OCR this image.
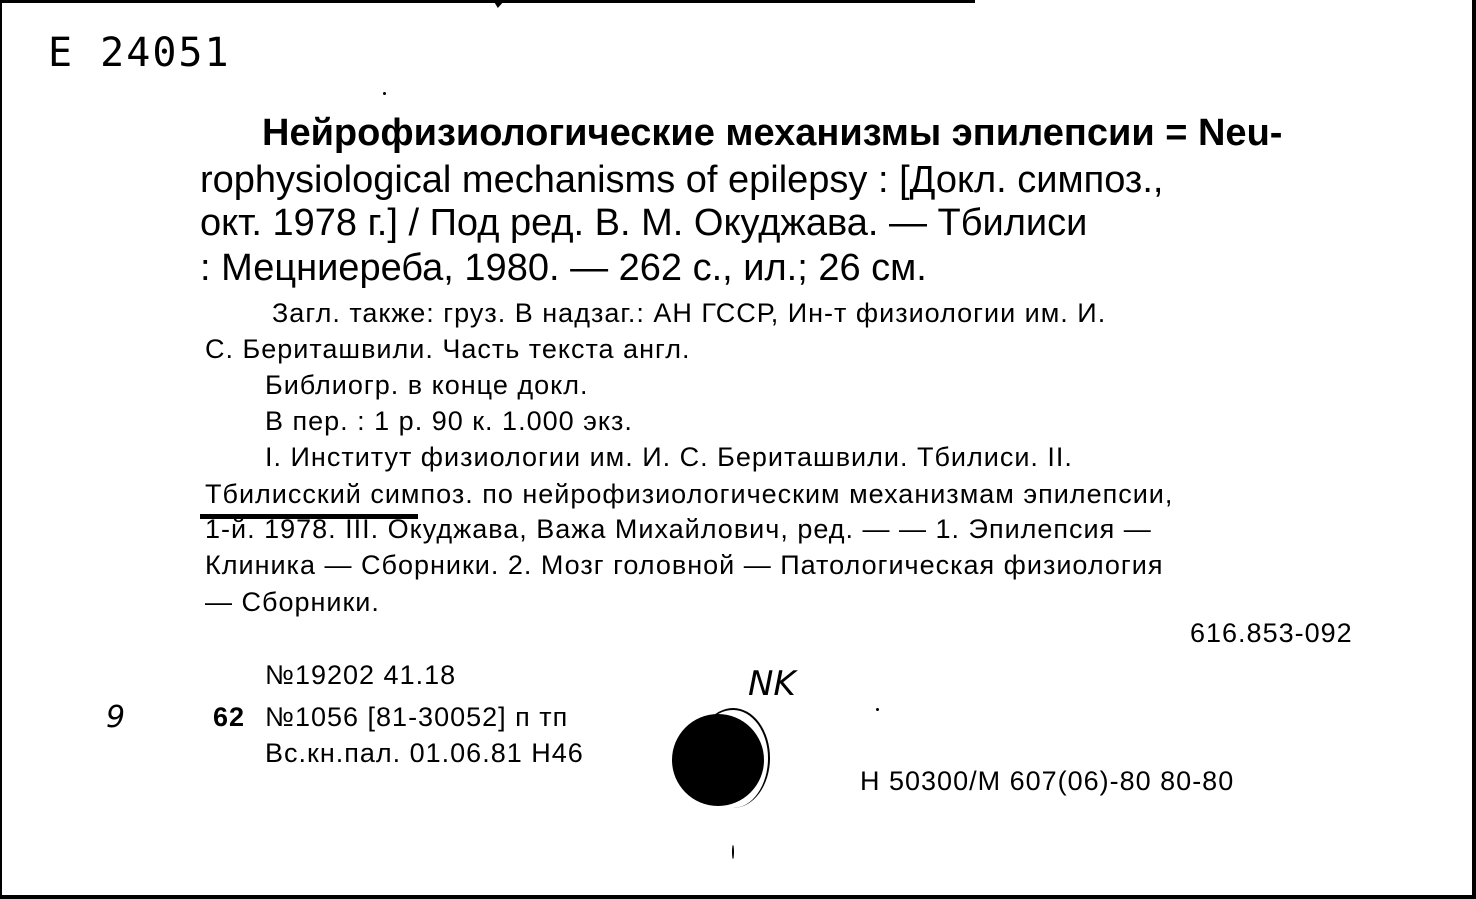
Е 24051
Нейрофизиологические механизмы эпилепсии = Neu-
rophysiological mechanisms of epilepsy : [Докл. симпоз.,
окт. 1978 г.] / Под ред. В. М. Окуджава. — Тбилиси
: Мецниереба, 1980. — 262 с., ил.; 26 см.
Загл. также: груз. В надзаг.: АН ГССР, Ин-т физиологии им. И.
С. Бериташвили. Часть текста англ.
Библиогр. в конце докл.
В пер. : 1 р. 90 к. 1.000 экз.
I. Институт физиологии им. И. С. Бериташвили. Тбилиси. II.
Тбилисский симпоз. по нейрофизиологическим механизмам эпилепсии,
1-й. 1978. III. Окуджава, Важа Михайлович, ред. — — 1. Эпилепсия —
Клиника — Сборники. 2. Мозг головной — Патологическая физиология
— Сборники.
616.853-092
№19202 41.18
62 №1056 [81-30052] п тп
Вс.кн.пал. 01.06.81 Н46
Н 50300/М 607(06)-80 80-80
NK
9
